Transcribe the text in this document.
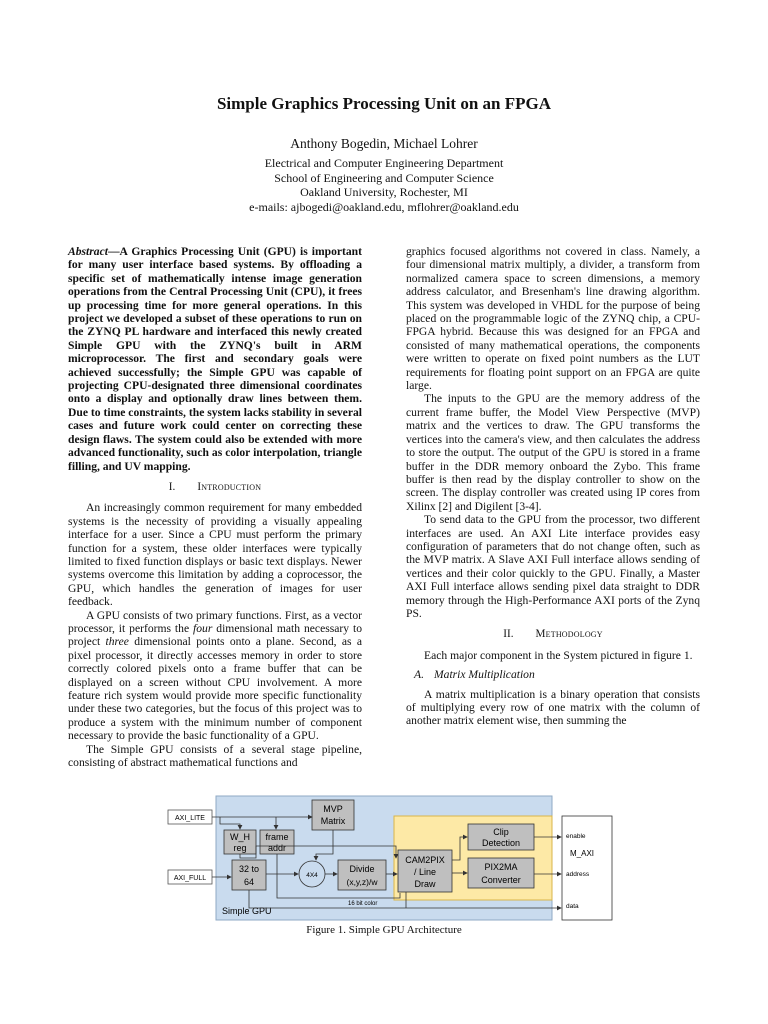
Simple Graphics Processing Unit on an FPGA
Anthony Bogedin, Michael Lohrer
Electrical and Computer Engineering Department
School of Engineering and Computer Science
Oakland University, Rochester, MI
e-mails: ajbogedi@oakland.edu, mflohrer@oakland.edu

Abstract—A Graphics Processing Unit (GPU) is important for many user interface based systems. By offloading a specific set of mathematically intense image generation operations from the Central Processing Unit (CPU), it frees up processing time for more general operations. In this project we developed a subset of these operations to run on the ZYNQ PL hardware and interfaced this newly created Simple GPU with the ZYNQ's built in ARM microprocessor. The first and secondary goals were achieved successfully; the Simple GPU was capable of projecting CPU-designated three dimensional coordinates onto a display and optionally draw lines between them. Due to time constraints, the system lacks stability in several cases and future work could center on correcting these design flaws. The system could also be extended with more advanced functionality, such as color interpolation, triangle filling, and UV mapping.

I. Introduction

An increasingly common requirement for many embedded systems is the necessity of providing a visually appealing interface for a user. Since a CPU must perform the primary function for a system, these older interfaces were typically limited to fixed function displays or basic text displays. Newer systems overcome this limitation by adding a coprocessor, the GPU, which handles the generation of images for user feedback.

A GPU consists of two primary functions. First, as a vector processor, it performs the four dimensional math necessary to project three dimensional points onto a plane. Second, as a pixel processor, it directly accesses memory in order to store correctly colored pixels onto a frame buffer that can be displayed on a screen without CPU involvement. A more feature rich system would provide more specific functionality under these two categories, but the focus of this project was to produce a system with the minimum number of component necessary to provide the basic functionality of a GPU.

The Simple GPU consists of a several stage pipeline, consisting of abstract mathematical functions and

graphics focused algorithms not covered in class. Namely, a four dimensional matrix multiply, a divider, a transform from normalized camera space to screen dimensions, a memory address calculator, and Bresenham's line drawing algorithm. This system was developed in VHDL for the purpose of being placed on the programmable logic of the ZYNQ chip, a CPU-FPGA hybrid. Because this was designed for an FPGA and consisted of many mathematical operations, the components were written to operate on fixed point numbers as the LUT requirements for floating point support on an FPGA are quite large.

The inputs to the GPU are the memory address of the current frame buffer, the Model View Perspective (MVP) matrix and the vertices to draw. The GPU transforms the vertices into the camera's view, and then calculates the address to store the output. The output of the GPU is stored in a frame buffer in the DDR memory onboard the Zybo. This frame buffer is then read by the display controller to show on the screen. The display controller was created using IP cores from Xilinx [2] and Digilent [3-4].

To send data to the GPU from the processor, two different interfaces are used. An AXI Lite interface provides easy configuration of parameters that do not change often, such as the MVP matrix. A Slave AXI Full interface allows sending of vertices and their color quickly to the GPU. Finally, a Master AXI Full interface allows sending pixel data straight to DDR memory through the High-Performance AXI ports of the Zynq PS.

II. Methodology

Each major component in the System pictured in figure 1.

A. Matrix Multiplication

A matrix multiplication is a binary operation that consists of multiplying every row of one matrix with the column of another matrix element wise, then summing the

AXI_LITE
AXI_FULL
MVP
Matrix
W_H
reg
frame
addr
32 to
64
4X4
Divide
(x,y,z)/w
CAM2PIX
/ Line
Draw
Clip
Detection
PIX2MA
Converter
enable
M_AXI
address
data
Simple GPU
16 bit color
Figure 1. Simple GPU Architecture
